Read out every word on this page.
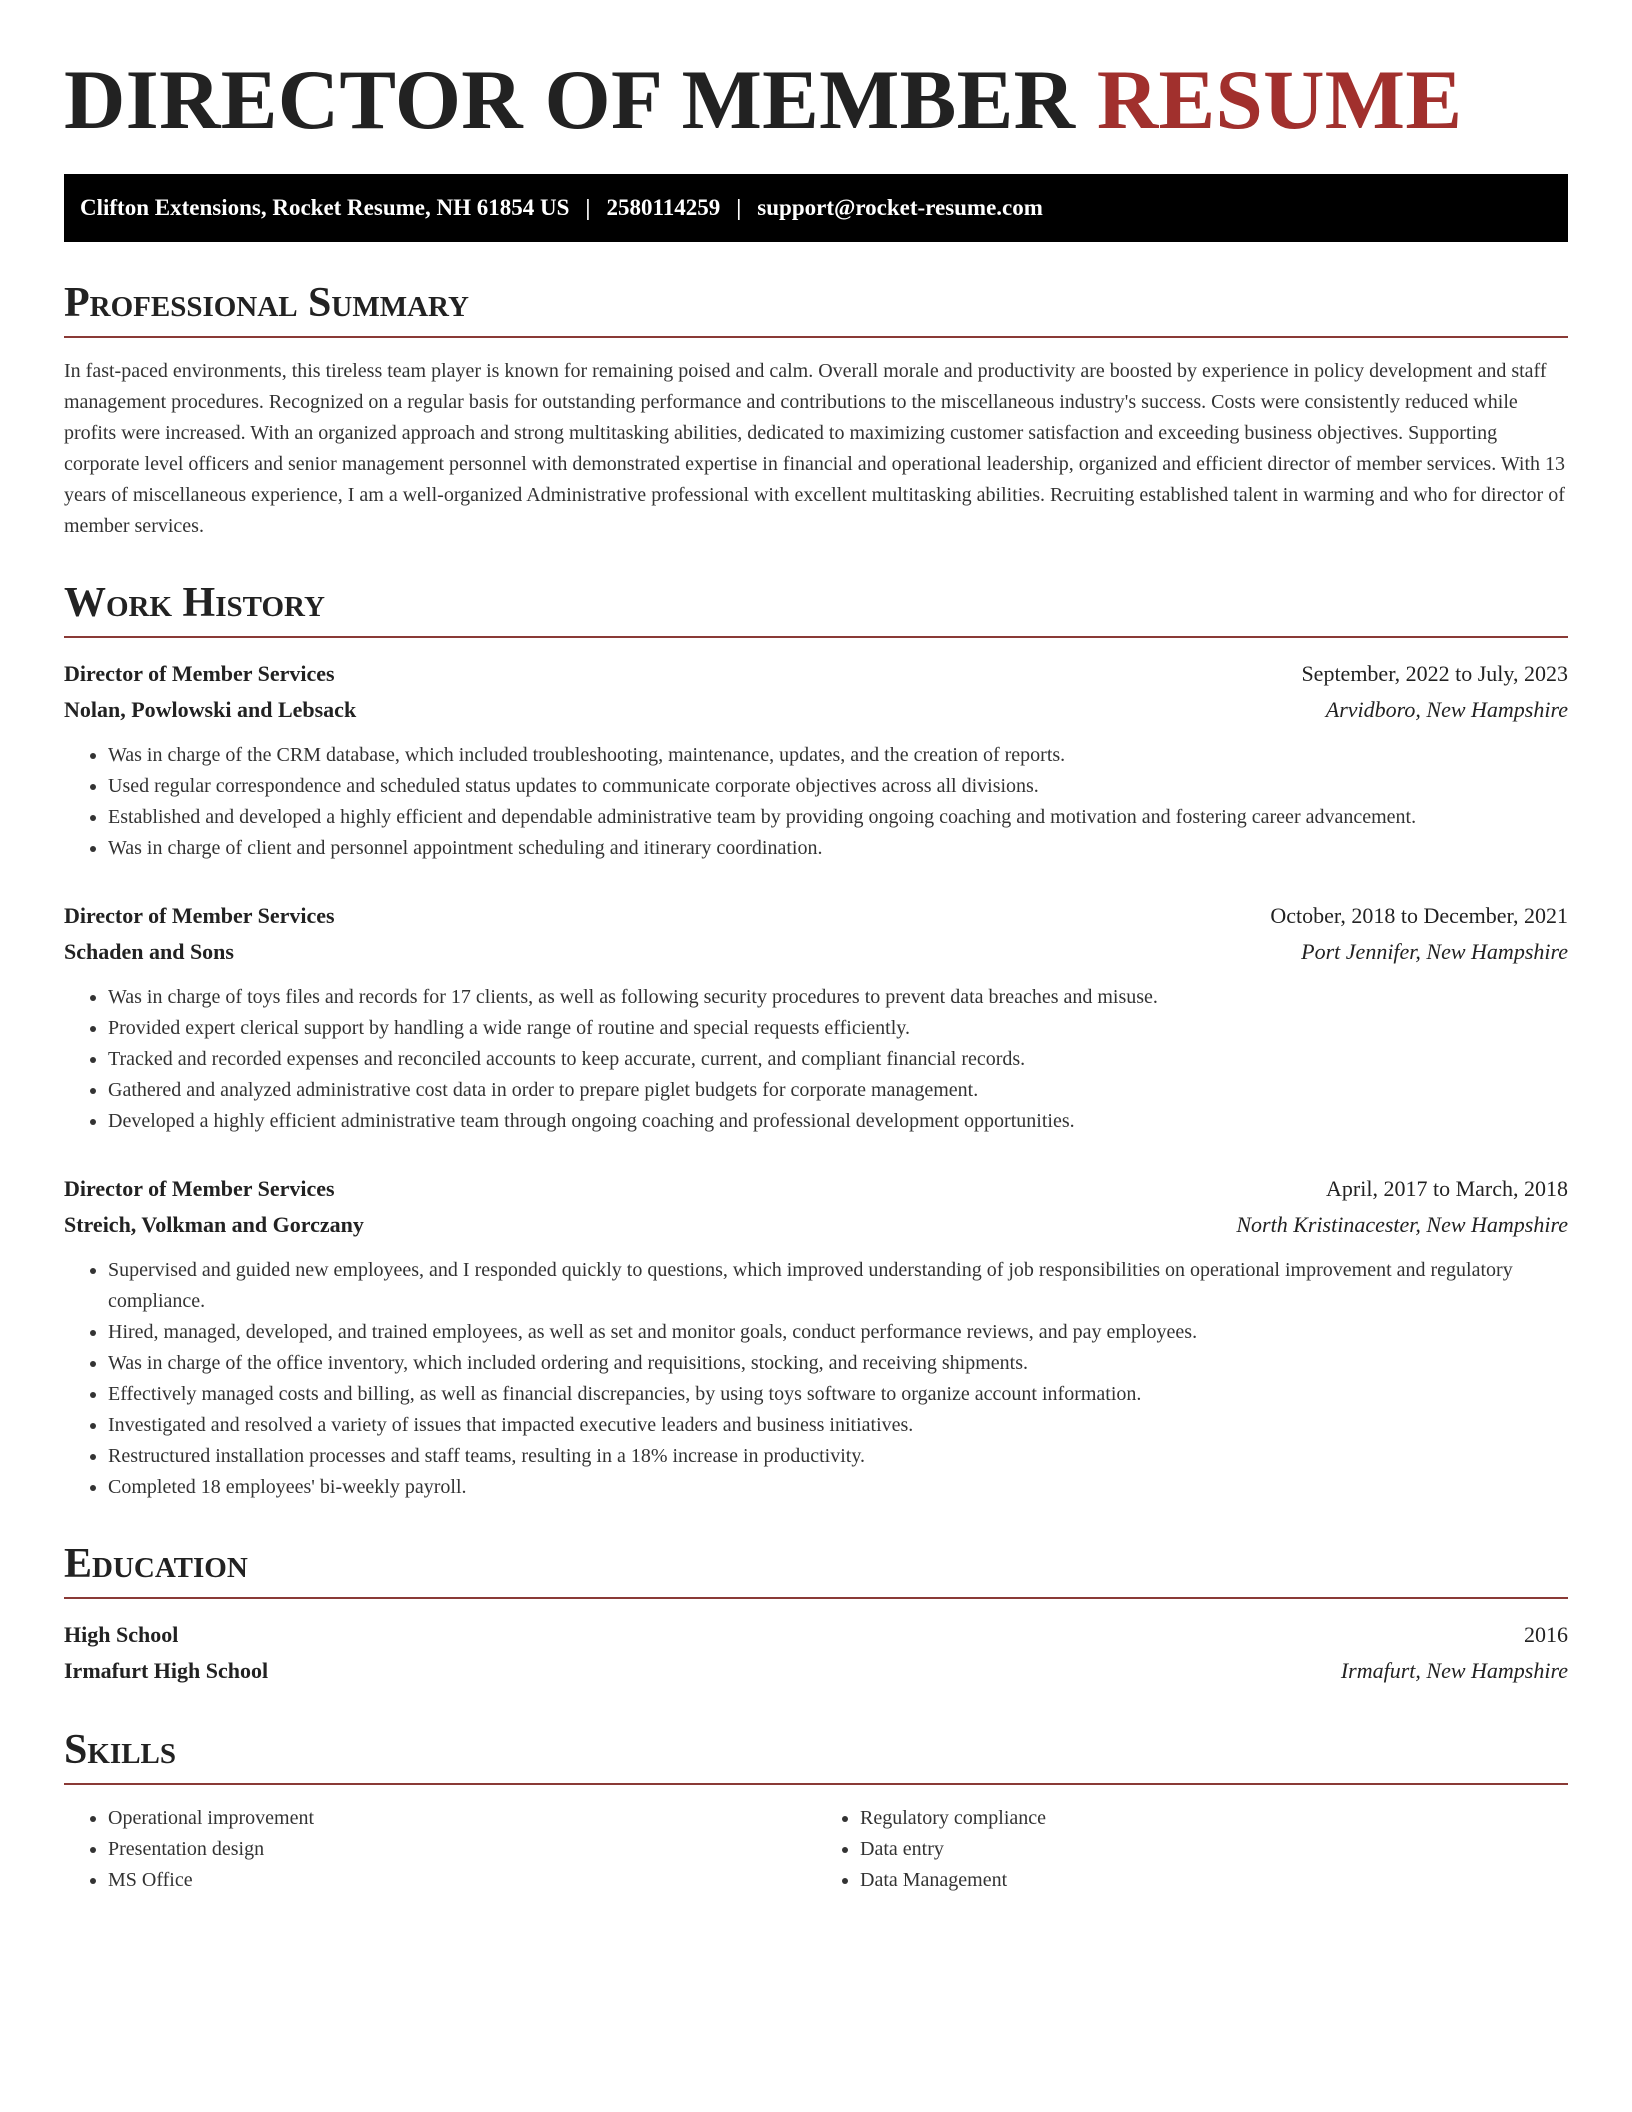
DIRECTOR OF MEMBER RESUME
Clifton Extensions, Rocket Resume, NH 61854 US | 2580114259 | support@rocket-resume.com
Professional Summary

In fast-paced environments, this tireless team player is known for remaining poised and calm. Overall morale and productivity are boosted by experience in policy development and staff management procedures. Recognized on a regular basis for outstanding performance and contributions to the miscellaneous industry's success. Costs were consistently reduced while profits were increased. With an organized approach and strong multitasking abilities, dedicated to maximizing customer satisfaction and exceeding business objectives. Supporting corporate level officers and senior management personnel with demonstrated expertise in financial and operational leadership, organized and efficient director of member services. With 13 years of miscellaneous experience, I am a well-organized Administrative professional with excellent multitasking abilities. Recruiting established talent in warming and who for director of member services.

Work History
Director of Member Services	September, 2022 to July, 2023
Nolan, Powlowski and Lebsack	Arvidboro, New Hampshire
• Was in charge of the CRM database, which included troubleshooting, maintenance, updates, and the creation of reports.
• Used regular correspondence and scheduled status updates to communicate corporate objectives across all divisions.
• Established and developed a highly efficient and dependable administrative team by providing ongoing coaching and motivation and fostering career advancement.
• Was in charge of client and personnel appointment scheduling and itinerary coordination.
Director of Member Services	October, 2018 to December, 2021
Schaden and Sons	Port Jennifer, New Hampshire
• Was in charge of toys files and records for 17 clients, as well as following security procedures to prevent data breaches and misuse.
• Provided expert clerical support by handling a wide range of routine and special requests efficiently.
• Tracked and recorded expenses and reconciled accounts to keep accurate, current, and compliant financial records.
• Gathered and analyzed administrative cost data in order to prepare piglet budgets for corporate management.
• Developed a highly efficient administrative team through ongoing coaching and professional development opportunities.
Director of Member Services	April, 2017 to March, 2018
Streich, Volkman and Gorczany	North Kristinacester, New Hampshire
• Supervised and guided new employees, and I responded quickly to questions, which improved understanding of job responsibilities on operational improvement and regulatory compliance.
• Hired, managed, developed, and trained employees, as well as set and monitor goals, conduct performance reviews, and pay employees.
• Was in charge of the office inventory, which included ordering and requisitions, stocking, and receiving shipments.
• Effectively managed costs and billing, as well as financial discrepancies, by using toys software to organize account information.
• Investigated and resolved a variety of issues that impacted executive leaders and business initiatives.
• Restructured installation processes and staff teams, resulting in a 18% increase in productivity.
• Completed 18 employees' bi-weekly payroll.
Education
High School	2016
Irmafurt High School	Irmafurt, New Hampshire
Skills
• Operational improvement
• Presentation design
• MS Office
• Regulatory compliance
• Data entry
• Data Management
